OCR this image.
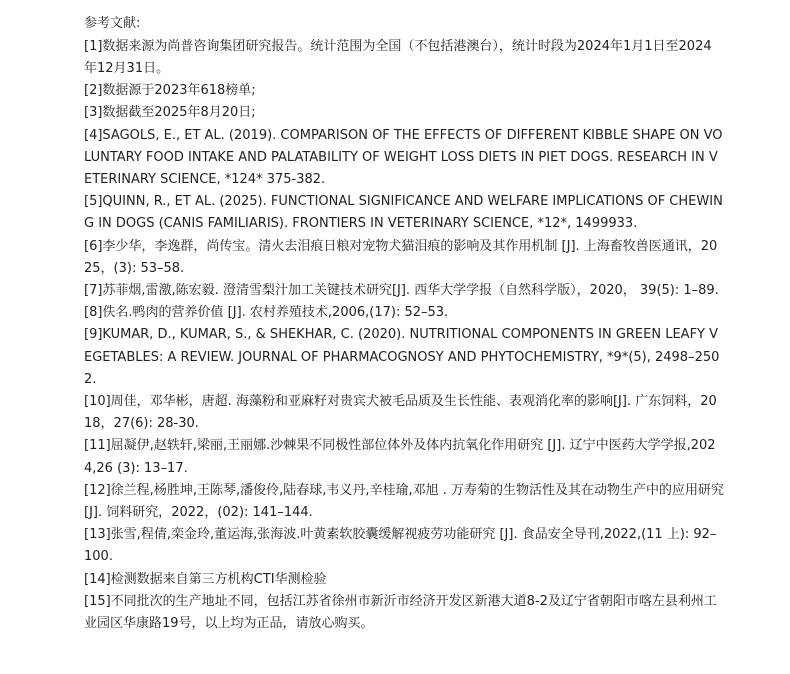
参考文献:

[1]数据来源为尚普咨询集团研究报告。统计范围为全国（不包括港澳台），统计时段为2024年1月1日至2024年12月31日。
[2]数据源于2023年618榜单;
[3]数据截至2025年8月20日;
[4]SAGOLS, E., ET AL. (2019). COMPARISON OF THE EFFECTS OF DIFFERENT KIBBLE SHAPE ON VOLUNTARY FOOD INTAKE AND PALATABILITY OF WEIGHT LOSS DIETS IN PIET DOGS. RESEARCH IN VETERINARY SCIENCE, *124* 375-382.
[5]QUINN, R., ET AL. (2025). FUNCTIONAL SIGNIFICANCE AND WELFARE IMPLICATIONS OF CHEWING IN DOGS (CANIS FAMILIARIS). FRONTIERS IN VETERINARY SCIENCE, *12*, 1499933.
[6]李少华，李逸群，尚传宝。清火去泪痕日粮对宠物犬猫泪痕的影响及其作用机制 [J]. 上海畜牧兽医通讯，2025，(3): 53–58.
[7]苏菲烟,雷激,陈宏毅. 澄清雪梨汁加工关键技术研究[J]. 西华大学学报（自然科学版），2020， 39(5): 1–89.
[8]佚名.鸭肉的营养价值 [J]. 农村养殖技术,2006,(17): 52–53.
[9]KUMAR, D., KUMAR, S., & SHEKHAR, C. (2020). NUTRITIONAL COMPONENTS IN GREEN LEAFY VEGETABLES: A REVIEW. JOURNAL OF PHARMACOGNOSY AND PHYTOCHEMISTRY, *9*(5), 2498–2502.
[10]周佳，邓华彬，唐超. 海藻粉和亚麻籽对贵宾犬被毛品质及生长性能、表观消化率的影响[J]. 广东饲料，2018，27(6): 28-30.
[11]屈凝伊,赵轶轩,梁丽,王丽娜.沙棘果不同极性部位体外及体内抗氧化作用研究 [J]. 辽宁中医药大学学报,2024,26 (3): 13–17.
[12]徐兰程,杨胜坤,王陈琴,潘俊伶,陆春球,韦义丹,辛桂瑜,邓旭 . 万寿菊的生物活性及其在动物生产中的应用研究 [J]. 饲料研究，2022，(02): 141–144.
[13]张雪,程倩,栾金玲,董运海,张海波.叶黄素软胶囊缓解视疲劳功能研究 [J]. 食品安全导刊,2022,(11 上): 92–100.
[14]检测数据来自第三方机构CTI华测检验
[15]不同批次的生产地址不同，包括江苏省徐州市新沂市经济开发区新港大道8-2及辽宁省朝阳市喀左县利州工业园区华康路19号，以上均为正品，请放心购买。
